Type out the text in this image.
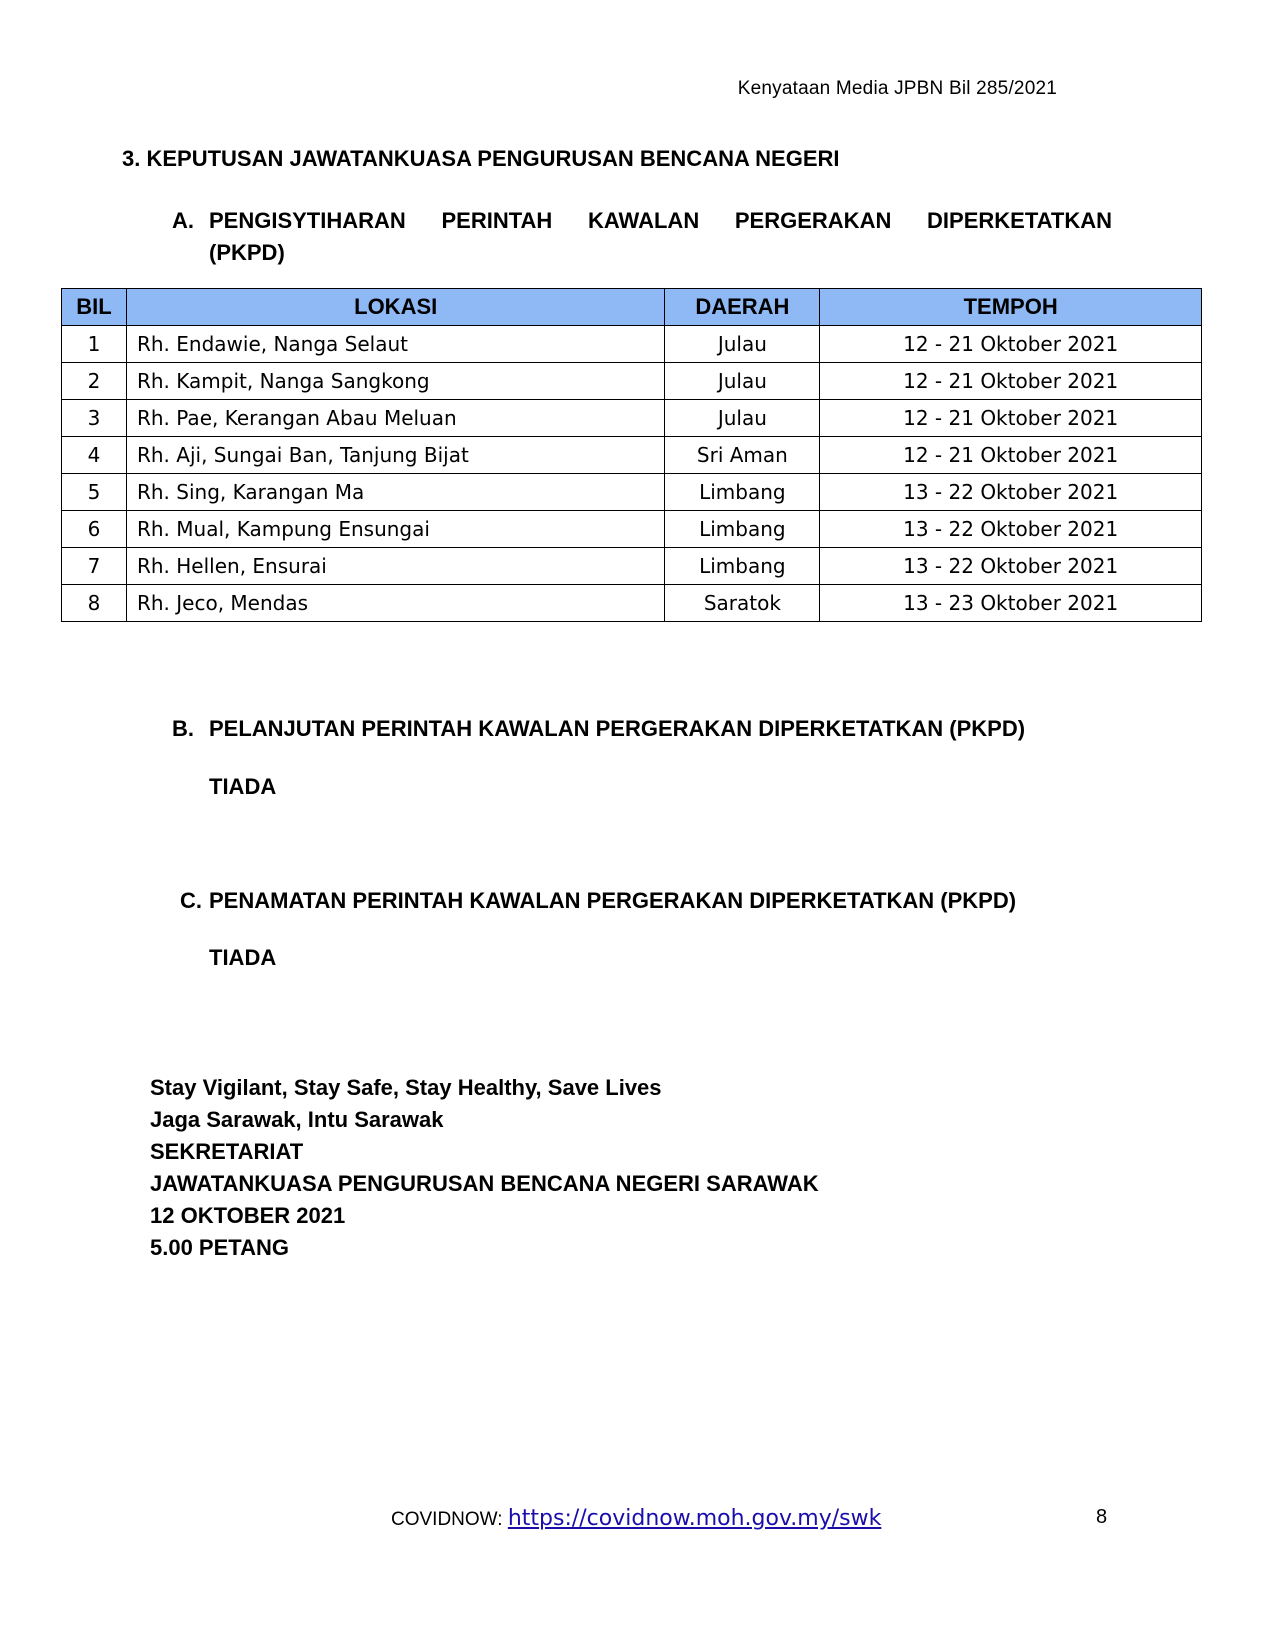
Kenyataan Media JPBN Bil 285/2021
3. KEPUTUSAN JAWATANKUASA PENGURUSAN BENCANA NEGERI
A. PENGISYTIHARAN PERINTAH KAWALAN PERGERAKAN DIPERKETATKAN
(PKPD)
BIL	LOKASI	DAERAH	TEMPOH
1	Rh. Endawie, Nanga Selaut	Julau	12 - 21 Oktober 2021
2	Rh. Kampit, Nanga Sangkong	Julau	12 - 21 Oktober 2021
3	Rh. Pae, Kerangan Abau Meluan	Julau	12 - 21 Oktober 2021
4	Rh. Aji, Sungai Ban, Tanjung Bijat	Sri Aman	12 - 21 Oktober 2021
5	Rh. Sing, Karangan Ma	Limbang	13 - 22 Oktober 2021
6	Rh. Mual, Kampung Ensungai	Limbang	13 - 22 Oktober 2021
7	Rh. Hellen, Ensurai	Limbang	13 - 22 Oktober 2021
8	Rh. Jeco, Mendas	Saratok	13 - 23 Oktober 2021
B. PELANJUTAN PERINTAH KAWALAN PERGERAKAN DIPERKETATKAN (PKPD)
TIADA
C. PENAMATAN PERINTAH KAWALAN PERGERAKAN DIPERKETATKAN (PKPD)
TIADA
Stay Vigilant, Stay Safe, Stay Healthy, Save Lives
Jaga Sarawak, Intu Sarawak
SEKRETARIAT
JAWATANKUASA PENGURUSAN BENCANA NEGERI SARAWAK
12 OKTOBER 2021
5.00 PETANG
COVIDNOW: https://covidnow.moh.gov.my/swk	8
